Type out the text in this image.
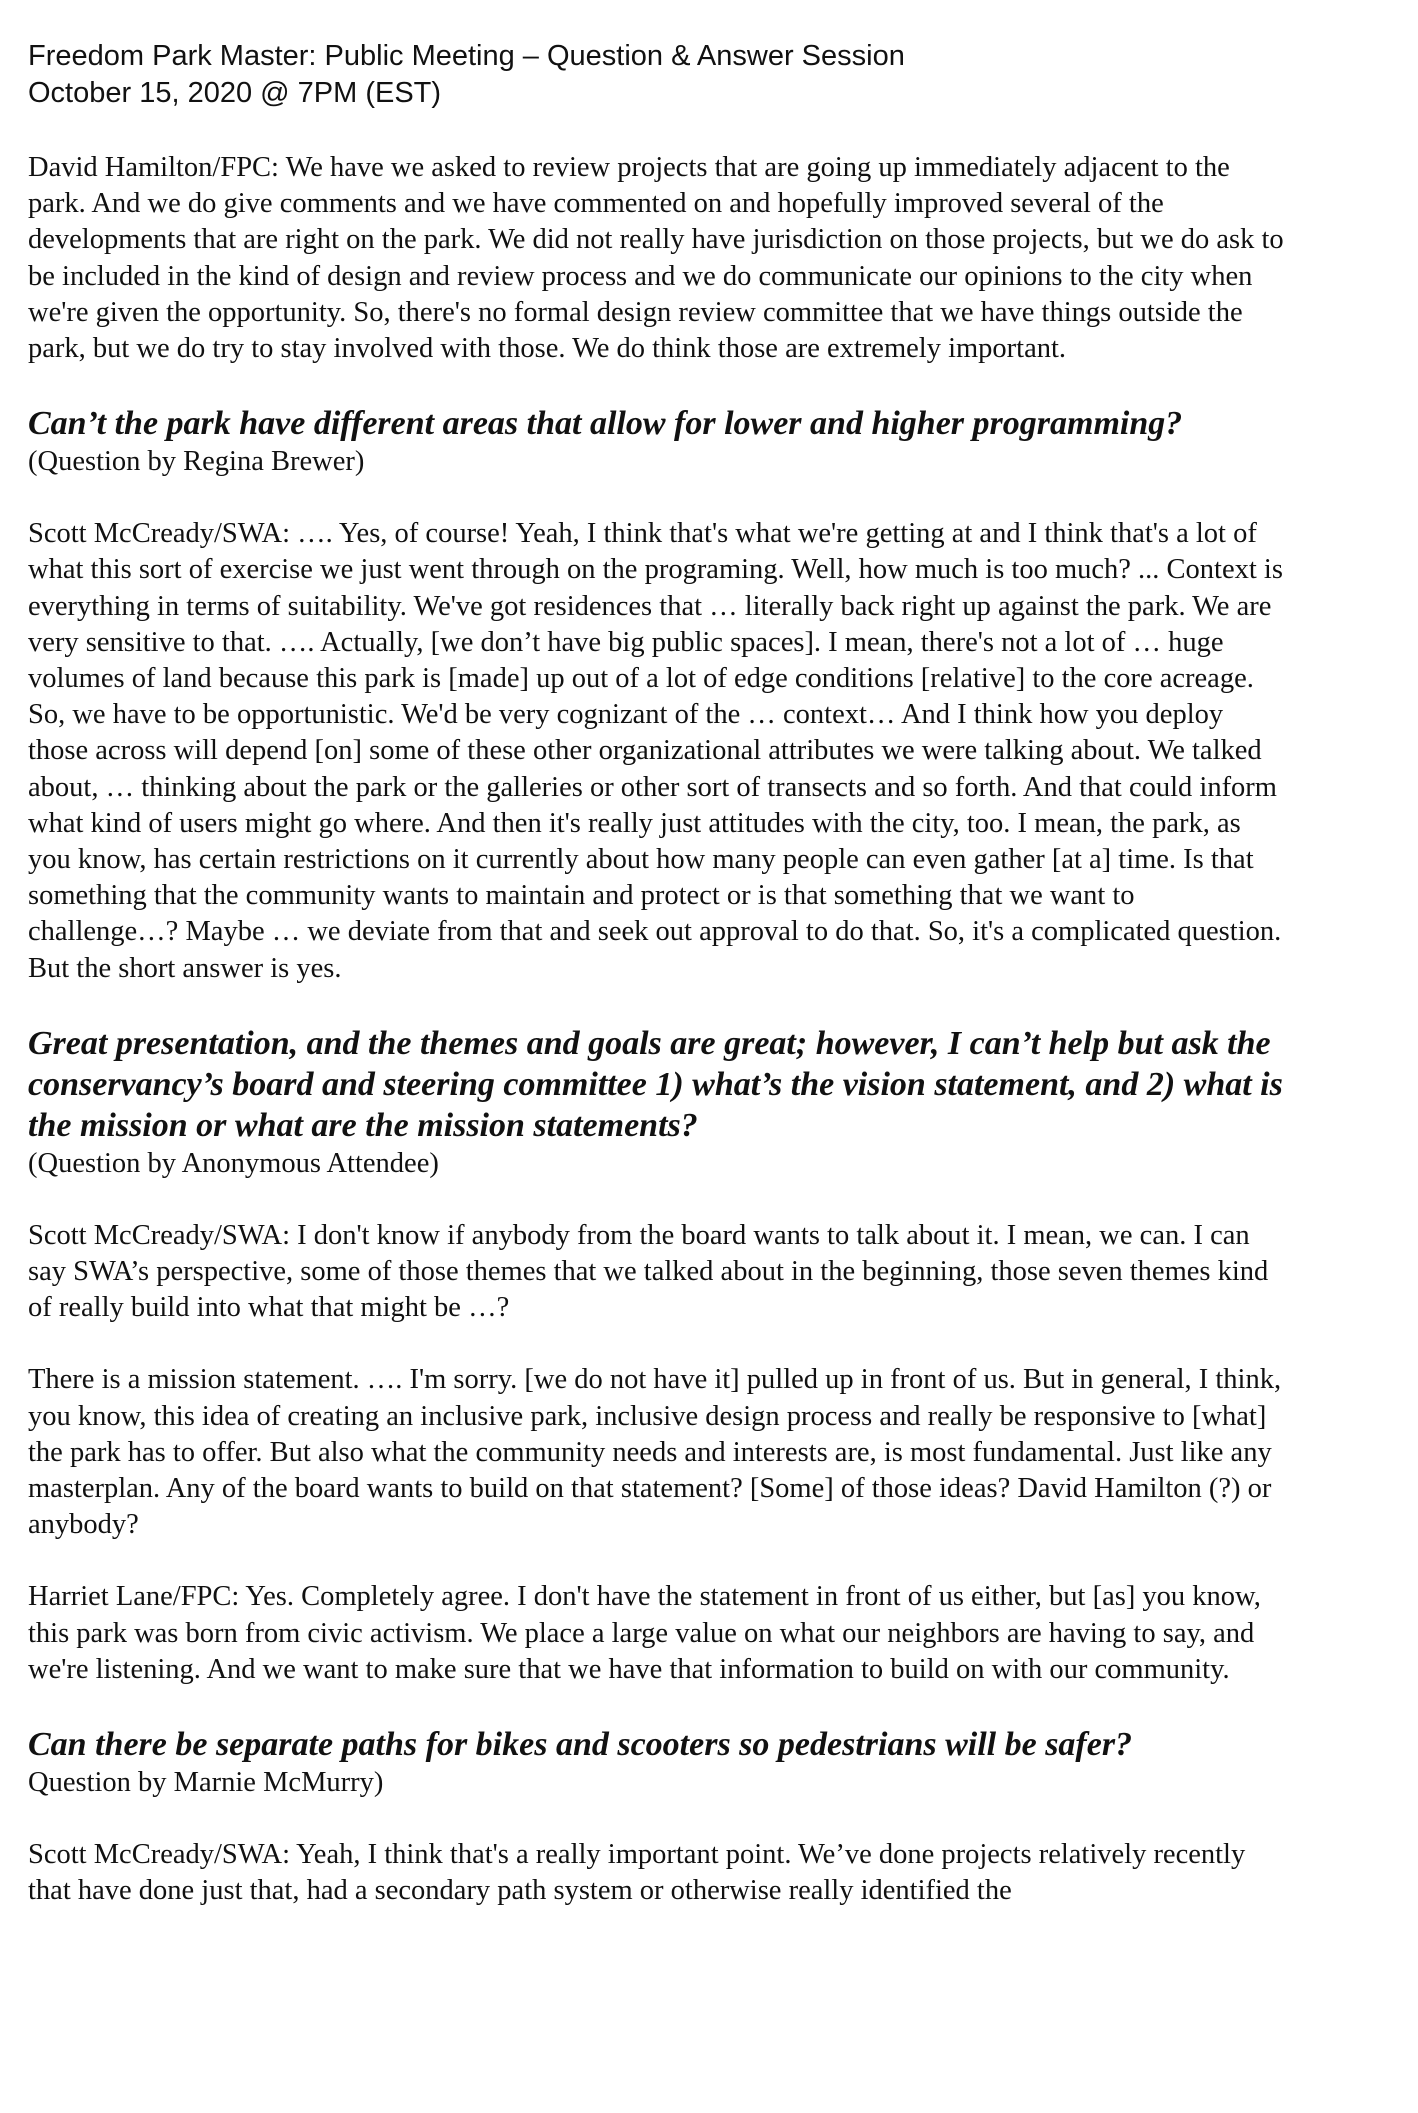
Freedom Park Master: Public Meeting – Question & Answer Session

October 15, 2020 @ 7PM (EST)

David Hamilton/FPC: We have we asked to review projects that are going up immediately adjacent to the park. And we do give comments and we have commented on and hopefully improved several of the developments that are right on the park. We did not really have jurisdiction on those projects, but we do ask to be included in the kind of design and review process and we do communicate our opinions to the city when we're given the opportunity. So, there's no formal design review committee that we have things outside the park, but we do try to stay involved with those. We do think those are extremely important.

Can’t the park have different areas that allow for lower and higher programming?

(Question by Regina Brewer)

Scott McCready/SWA: …. Yes, of course! Yeah, I think that's what we're getting at and I think that's a lot of what this sort of exercise we just went through on the programing. Well, how much is too much? ... Context is everything in terms of suitability. We've got residences that … literally back right up against the park. We are very sensitive to that. …. Actually, [we don’t have big public spaces]. I mean, there's not a lot of … huge volumes of land because this park is [made] up out of a lot of edge conditions [relative] to the core acreage. So, we have to be opportunistic. We'd be very cognizant of the … context… And I think how you deploy those across will depend [on] some of these other organizational attributes we were talking about. We talked about, … thinking about the park or the galleries or other sort of transects and so forth. And that could inform what kind of users might go where. And then it's really just attitudes with the city, too. I mean, the park, as you know, has certain restrictions on it currently about how many people can even gather [at a] time. Is that something that the community wants to maintain and protect or is that something that we want to challenge…? Maybe … we deviate from that and seek out approval to do that. So, it's a complicated question. But the short answer is yes.

Great presentation, and the themes and goals are great; however, I can’t help but ask the conservancy’s board and steering committee 1) what’s the vision statement, and 2) what is the mission or what are the mission statements?

(Question by Anonymous Attendee)

Scott McCready/SWA: I don't know if anybody from the board wants to talk about it. I mean, we can. I can say SWA’s perspective, some of those themes that we talked about in the beginning, those seven themes kind of really build into what that might be …?

There is a mission statement. …. I'm sorry. [we do not have it] pulled up in front of us. But in general, I think, you know, this idea of creating an inclusive park, inclusive design process and really be responsive to [what] the park has to offer. But also what the community needs and interests are, is most fundamental. Just like any masterplan. Any of the board wants to build on that statement? [Some] of those ideas? David Hamilton (?) or anybody?

Harriet Lane/FPC: Yes. Completely agree. I don't have the statement in front of us either, but [as] you know, this park was born from civic activism. We place a large value on what our neighbors are having to say, and we're listening. And we want to make sure that we have that information to build on with our community.

Can there be separate paths for bikes and scooters so pedestrians will be safer?

Question by Marnie McMurry)

Scott McCready/SWA: Yeah, I think that's a really important point. We’ve done projects relatively recently that have done just that, had a secondary path system or otherwise really identified the
